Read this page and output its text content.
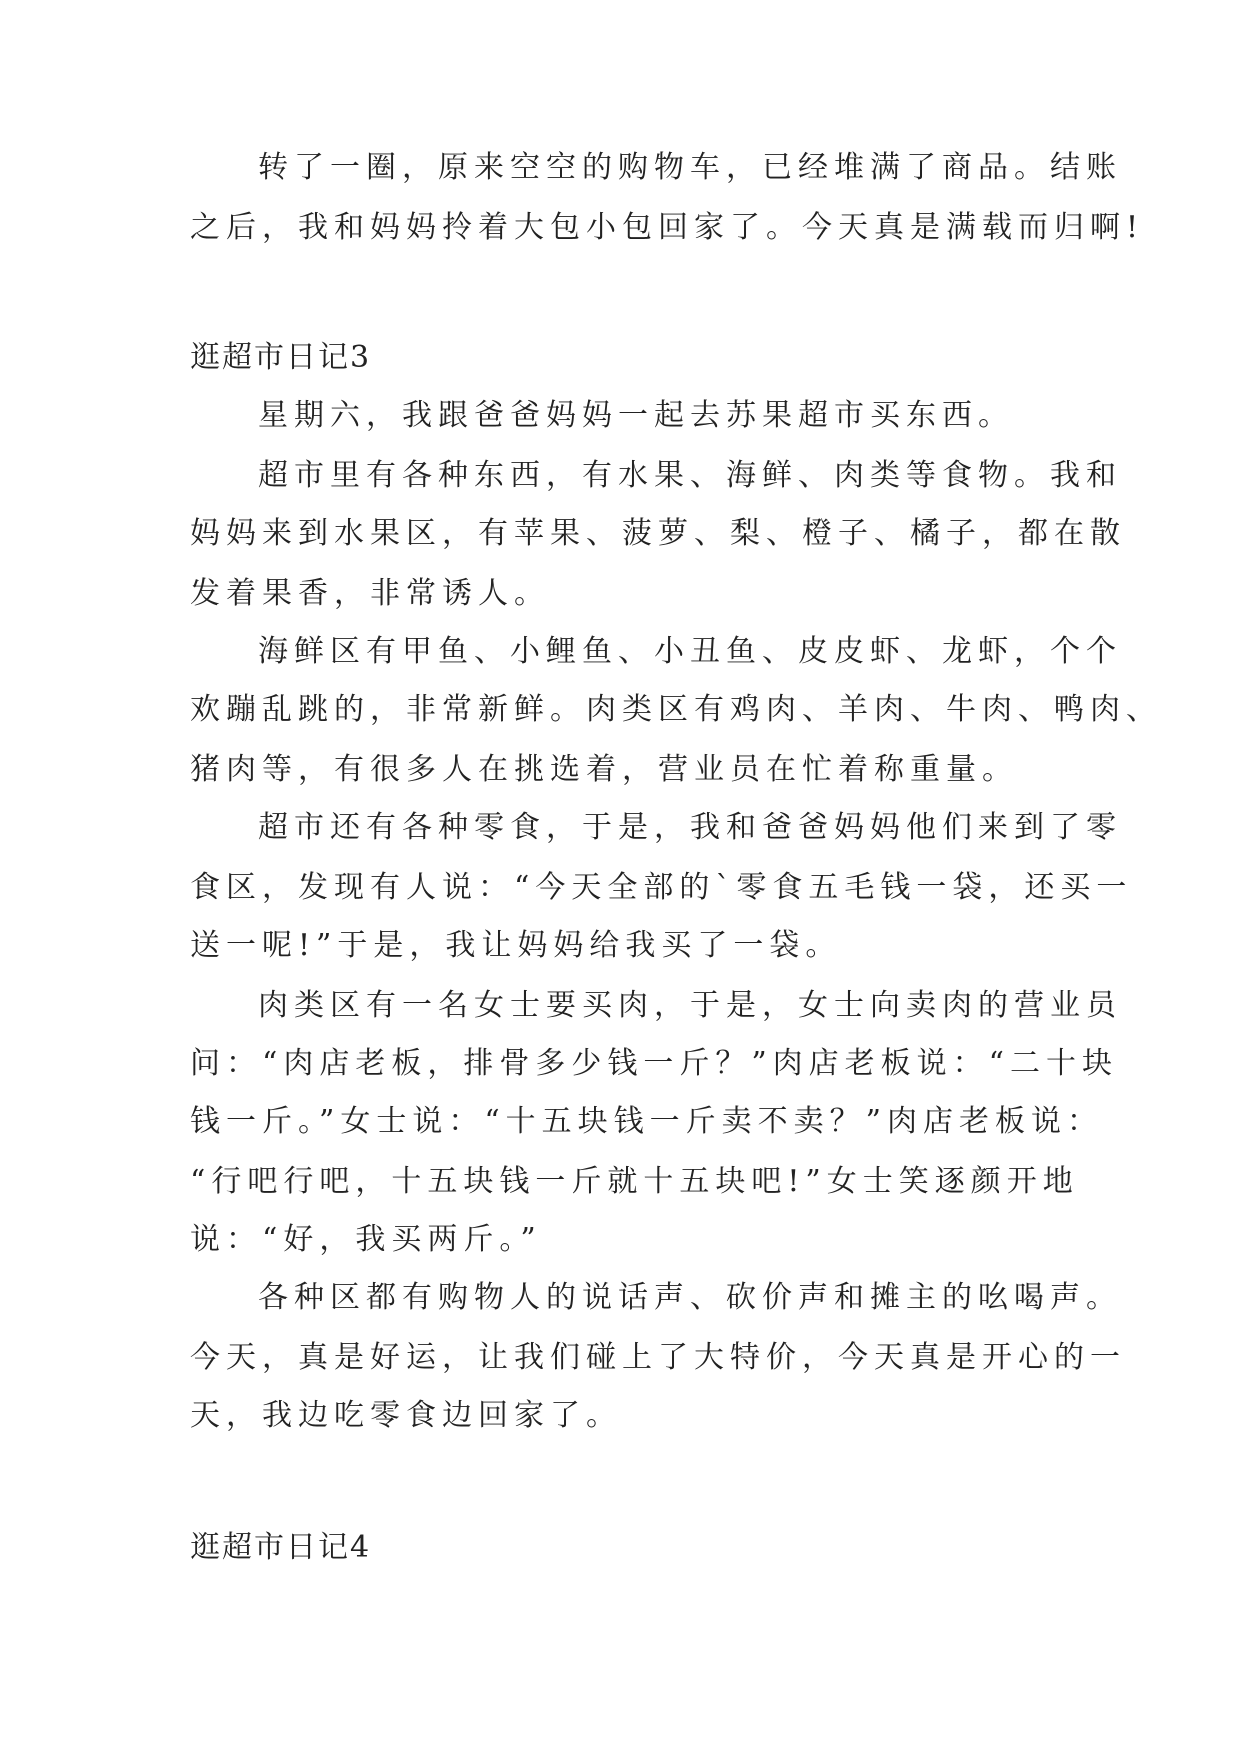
转了一圈，原来空空的购物车，已经堆满了商品。结账
之后，我和妈妈拎着大包小包回家了。今天真是满载而归啊!
逛超市日记3
星期六，我跟爸爸妈妈一起去苏果超市买东西。
超市里有各种东西，有水果、海鲜、肉类等食物。我和
妈妈来到水果区，有苹果、菠萝、梨、橙子、橘子，都在散
发着果香，非常诱人。
海鲜区有甲鱼、小鲤鱼、小丑鱼、皮皮虾、龙虾，个个
欢蹦乱跳的，非常新鲜。肉类区有鸡肉、羊肉、牛肉、鸭肉、
猪肉等，有很多人在挑选着，营业员在忙着称重量。
超市还有各种零食，于是，我和爸爸妈妈他们来到了零
食区，发现有人说：“今天全部的`零食五毛钱一袋，还买一
送一呢!”于是，我让妈妈给我买了一袋。
肉类区有一名女士要买肉，于是，女士向卖肉的营业员
问：“肉店老板，排骨多少钱一斤？”肉店老板说：“二十块
钱一斤。”女士说：“十五块钱一斤卖不卖？”肉店老板说：
“行吧行吧，十五块钱一斤就十五块吧!”女士笑逐颜开地
说：“好，我买两斤。”
各种区都有购物人的说话声、砍价声和摊主的吆喝声。
今天，真是好运，让我们碰上了大特价，今天真是开心的一
天，我边吃零食边回家了。
逛超市日记4
